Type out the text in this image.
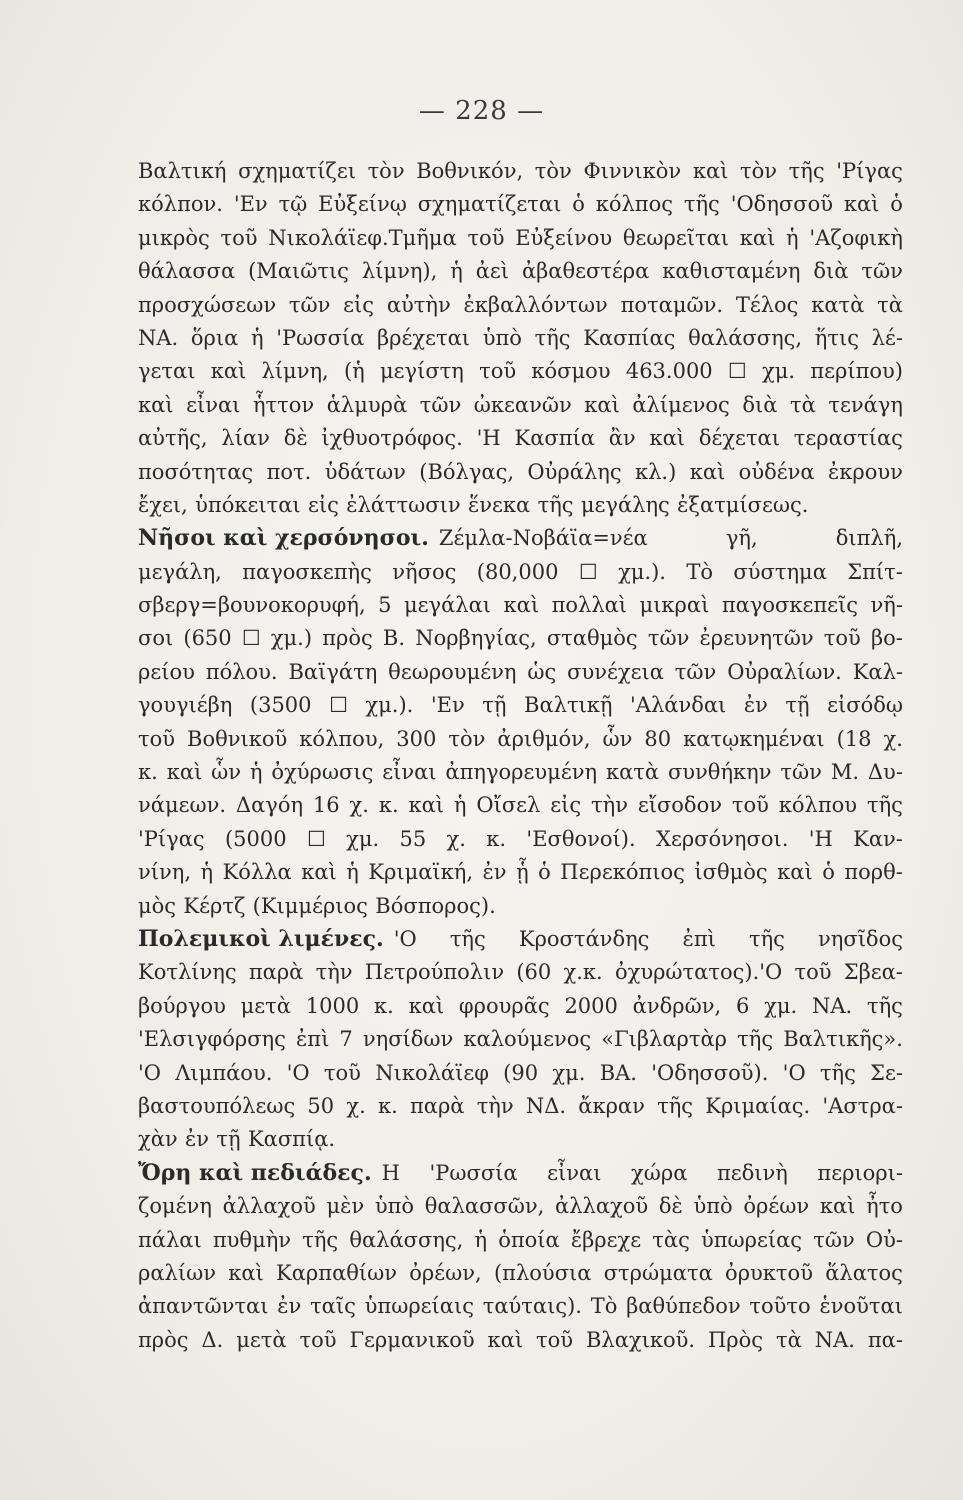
— 228 —
Βαλτική σχηματίζει τὸν Βοθνικόν, τὸν Φιννικὸν καὶ τὸν τῆς 'Ρίγας
κόλπον. 'Εν τῷ Εὐξείνῳ σχηματίζεται ὁ κόλπος τῆς 'Οδησσοῦ καὶ ὁ
μικρὸς τοῦ Νικολάϊεφ.Τμῆμα τοῦ Εὐξείνου θεωρεῖται καὶ ἡ 'Αζοφικὴ
θάλασσα (Μαιῶτις λίμνη), ἡ ἀεὶ ἀβαθεστέρα καθισταμένη διὰ τῶν
προσχώσεων τῶν εἰς αὐτὴν ἐκβαλλόντων ποταμῶν. Τέλος κατὰ τὰ
ΝΑ. ὅρια ἡ 'Ρωσσία βρέχεται ὑπὸ τῆς Κασπίας θαλάσσης, ἥτις λέ-
γεται καὶ λίμνη, (ἡ μεγίστη τοῦ κόσμου 463.000 ☐ χμ. περίπου)
καὶ εἶναι ἧττον ἁλμυρὰ τῶν ὠκεανῶν καὶ ἀλίμενος διὰ τὰ τενάγη
αὐτῆς, λίαν δὲ ἰχθυοτρόφος. 'Η Κασπία ἂν καὶ δέχεται τεραστίας
ποσότητας ποτ. ὑδάτων (Βόλγας, Οὐράλης κλ.) καὶ οὐδένα ἐκρουν
ἔχει, ὑπόκειται εἰς ἐλάττωσιν ἕνεκα τῆς μεγάλης ἐξατμίσεως.
Νῆσοι καὶ χερσόνησοι. Ζέμλα-Νοβάϊα=νέα	γῆ,	διπλῆ,
μεγάλη, παγοσκεπὴς νῆσος (80,000 ☐ χμ.). Τὸ σύστημα Σπίτ-
σβεργ=βουνοκορυφή, 5 μεγάλαι καὶ πολλαὶ μικραὶ παγοσκεπεῖς νῆ-
σοι (650 ☐ χμ.) πρὸς Β. Νορβηγίας, σταθμὸς τῶν ἐρευνητῶν τοῦ βο-
ρείου πόλου. Βαϊγάτη θεωρουμένη ὡς συνέχεια τῶν Οὐραλίων. Καλ-
γουγιέβη (3500 ☐ χμ.). 'Εν τῇ Βαλτικῇ 'Αλάνδαι ἐν τῇ εἰσόδῳ
τοῦ Βοθνικοῦ κόλπου, 300 τὸν ἀριθμόν, ὧν 80 κατῳκημέναι (18 χ.
κ. καὶ ὧν ἡ ὀχύρωσις εἶναι ἀπηγορευμένη κατὰ συνθήκην τῶν Μ. Δυ-
νάμεων. Δαγόη 16 χ. κ. καὶ ἡ Οἴσελ εἰς τὴν εἴσοδον τοῦ κόλπου τῆς
'Ρίγας (5000 ☐ χμ. 55 χ. κ. 'Εσθονοί). Χερσόνησοι. 'Η Καν-
νίνη, ἡ Κόλλα καὶ ἡ Κριμαϊκή, ἐν ᾗ ὁ Περεκόπιος ἰσθμὸς καὶ ὁ πορθ-
μὸς Κέρτζ (Κιμμέριος Βόσπορος).
Πολεμικοὶ λιμένες. 'Ο τῆς Κροστάνδης ἐπὶ τῆς νησῖδος
Κοτλίνης παρὰ τὴν Πετρούπολιν (60 χ.κ. ὀχυρώτατος).'Ο τοῦ Σβεα-
βούργου μετὰ 1000 κ. καὶ φρουρᾶς 2000 ἀνδρῶν, 6 χμ. ΝΑ. τῆς
'Ελσιγφόρσης ἐπὶ 7 νησίδων καλούμενος «Γιβλαρτὰρ τῆς Βαλτικῆς».
'Ο Λιμπάου. 'Ο τοῦ Νικολάϊεφ (90 χμ. ΒΑ. 'Οδησσοῦ). 'Ο τῆς Σε-
βαστουπόλεως 50 χ. κ. παρὰ τὴν ΝΔ. ἄκραν τῆς Κριμαίας. 'Αστρα-
χὰν ἐν τῇ Κασπίᾳ.
Ὄρη καὶ πεδιάδες. Η 'Ρωσσία εἶναι χώρα πεδινὴ περιορι-
ζομένη ἀλλαχοῦ μὲν ὑπὸ θαλασσῶν, ἀλλαχοῦ δὲ ὑπὸ ὀρέων καὶ ἦτο
πάλαι πυθμὴν τῆς θαλάσσης, ἡ ὁποία ἔβρεχε τὰς ὑπωρείας τῶν Οὐ-
ραλίων καὶ Καρπαθίων ὀρέων, (πλούσια στρώματα ὀρυκτοῦ ἅλατος
ἀπαντῶνται ἐν ταῖς ὑπωρείαις ταύταις). Τὸ βαθύπεδον τοῦτο ἑνοῦται
πρὸς Δ. μετὰ τοῦ Γερμανικοῦ καὶ τοῦ Βλαχικοῦ. Πρὸς τὰ ΝΑ. πα-
